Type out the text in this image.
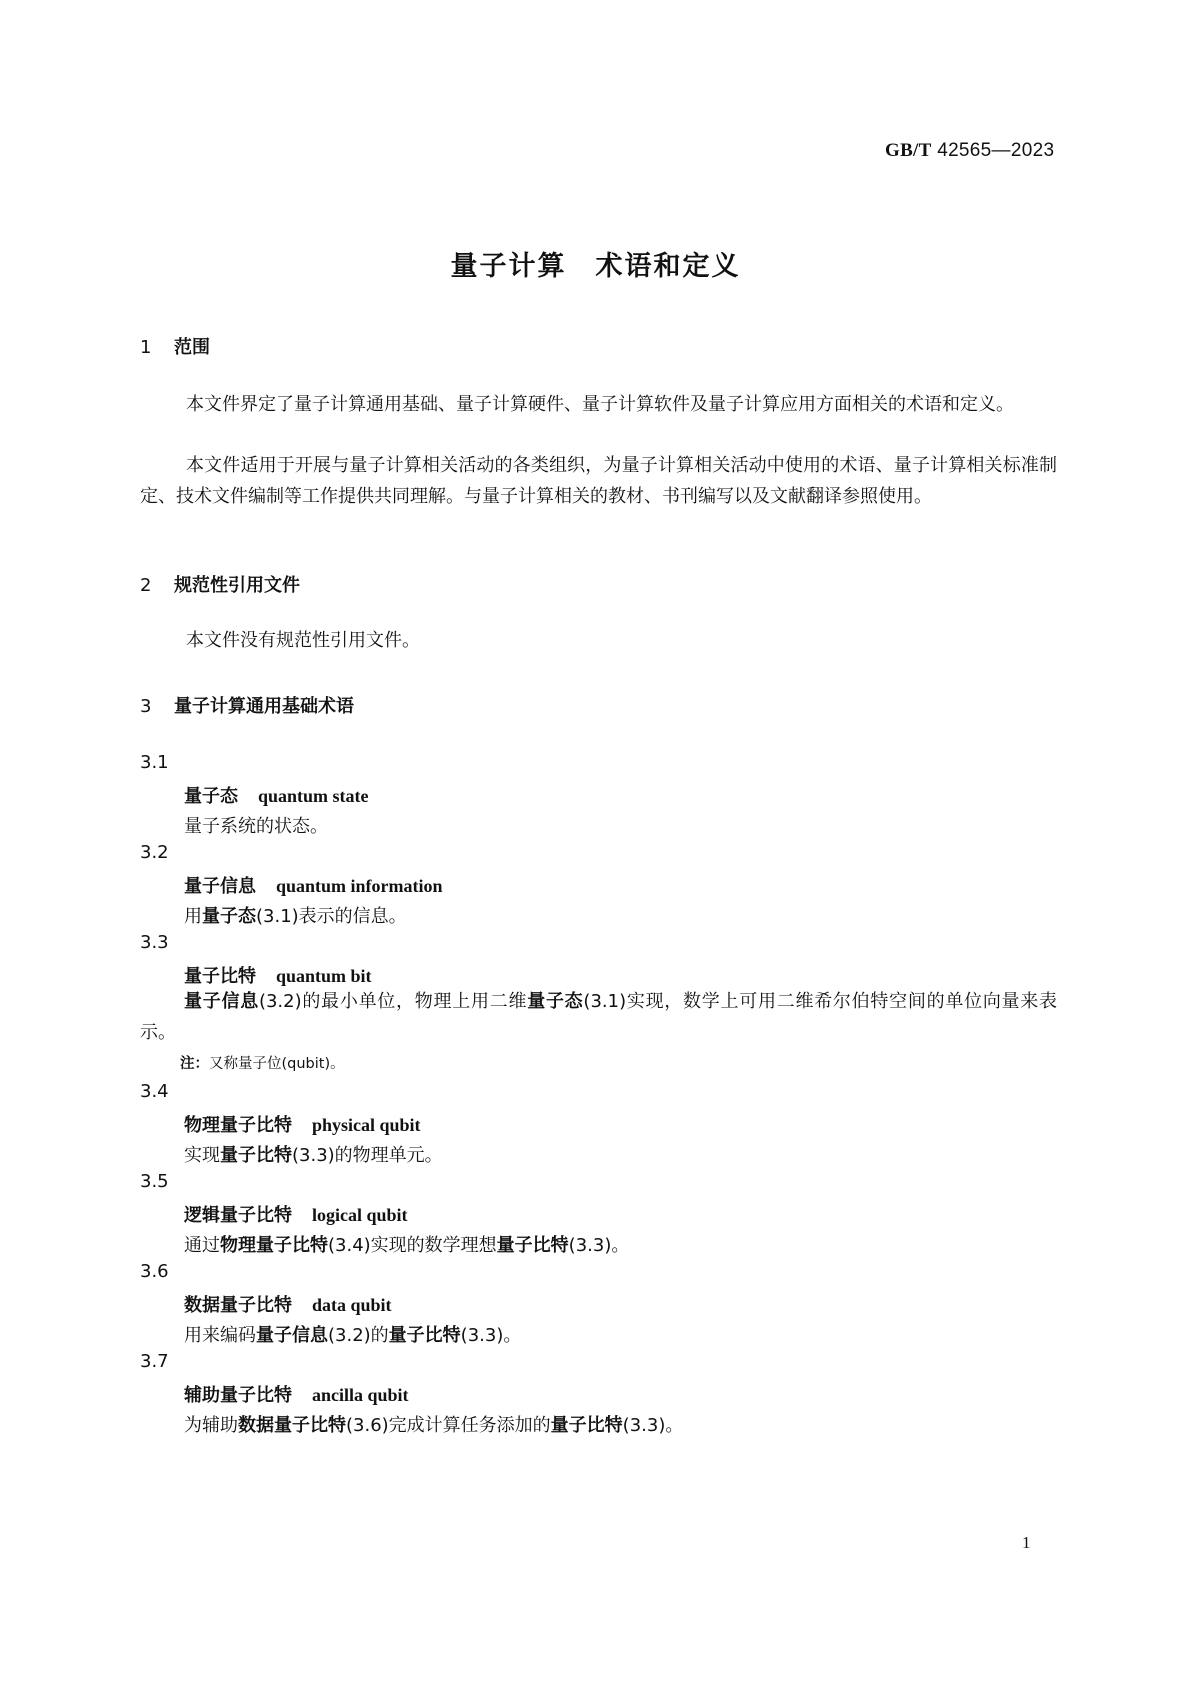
GB/T 42565—2023
量子计算　术语和定义
1 范围
本文件界定了量子计算通用基础、量子计算硬件、量子计算软件及量子计算应用方面相关的术语和定义。
本文件适用于开展与量子计算相关活动的各类组织，为量子计算相关活动中使用的术语、量子计算相关标准制定、技术文件编制等工作提供共同理解。与量子计算相关的教材、书刊编写以及文献翻译参照使用。
2 规范性引用文件
本文件没有规范性引用文件。
3 量子计算通用基础术语
3.1
量子态 quantum state
量子系统的状态。
3.2
量子信息 quantum information
用量子态(3.1)表示的信息。
3.3
量子比特 quantum bit
量子信息(3.2)的最小单位，物理上用二维量子态(3.1)实现，数学上可用二维希尔伯特空间的单位向量来表示。
注：又称量子位(qubit)。
3.4
物理量子比特 physical qubit
实现量子比特(3.3)的物理单元。
3.5
逻辑量子比特 logical qubit
通过物理量子比特(3.4)实现的数学理想量子比特(3.3)。
3.6
数据量子比特 data qubit
用来编码量子信息(3.2)的量子比特(3.3)。
3.7
辅助量子比特 ancilla qubit
为辅助数据量子比特(3.6)完成计算任务添加的量子比特(3.3)。
1
